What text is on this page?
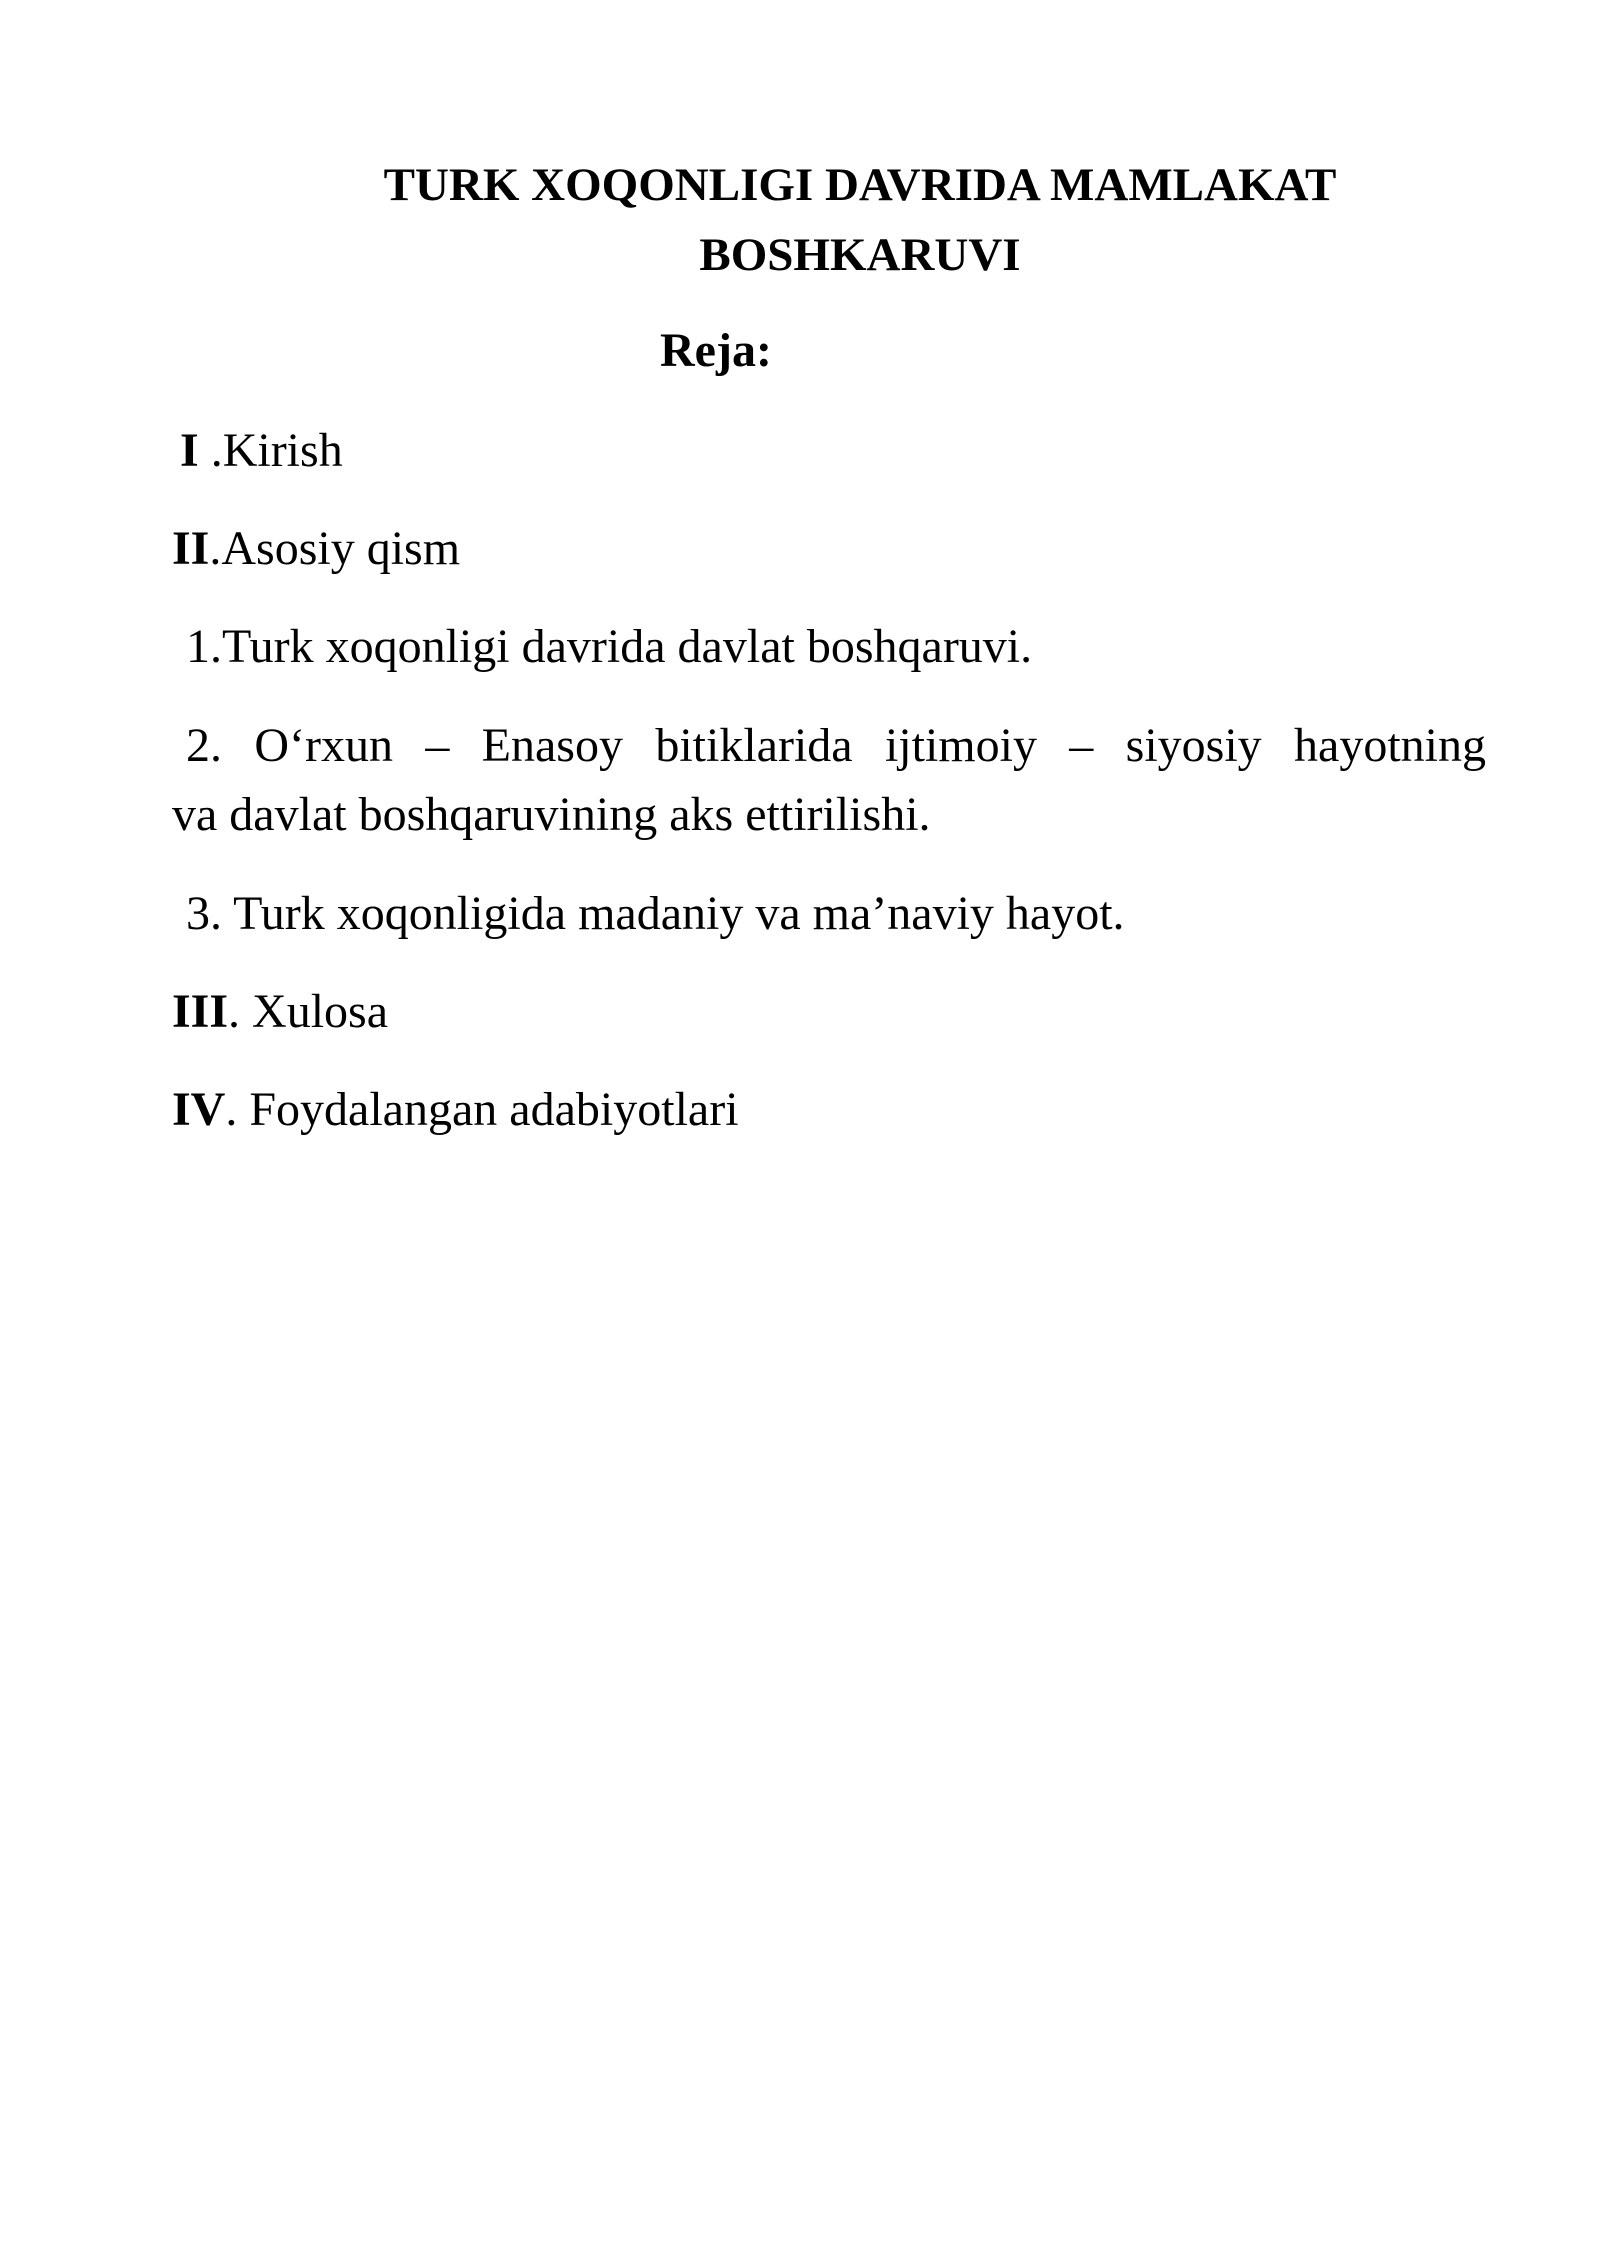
TURK XOQONLIGI DAVRIDA MAMLAKAT

BOSHKARUVI

Reja:

I .Kirish

II.Asosiy qism

1.Turk xoqonligi davrida davlat boshqaruvi.

2. O‘rxun – Enasoy bitiklarida ijtimoiy – siyosiy hayotning

va davlat boshqaruvining aks ettirilishi.

3. Turk xoqonligida madaniy va ma’naviy hayot.

III. Xulosa

IV. Foydalangan adabiyotlari
